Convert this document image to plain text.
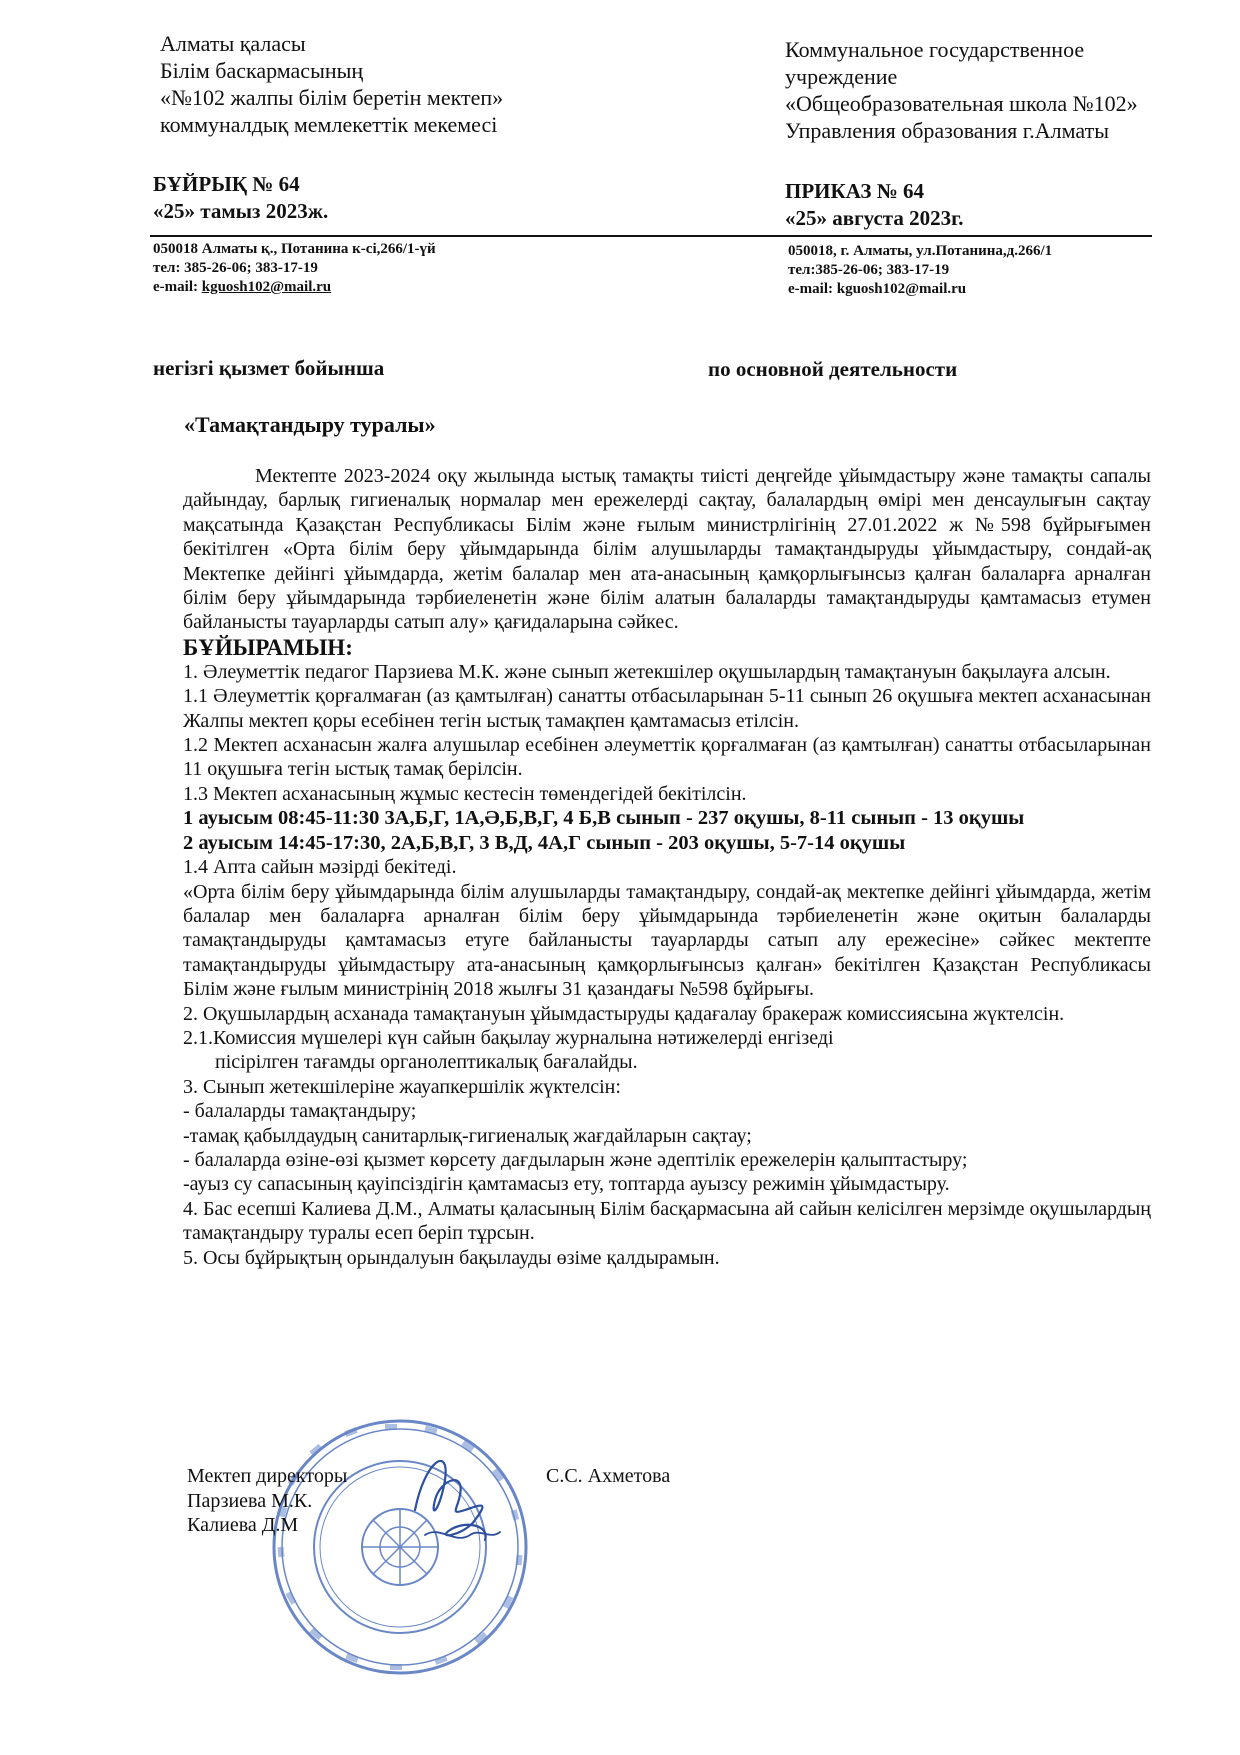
Алматы қаласы

Білім баскармасының

«№102 жалпы білім беретін мектеп»

коммуналдық мемлекеттік мекемесі

БҰЙРЫҚ № 64

«25» тамыз 2023ж.

050018 Алматы қ., Потанина к-сі,266/1-үй

тел: 385-26-06; 383-17-19

e-mail: kguosh102@mail.ru

Коммунальное государственное

учреждение

«Общеобразовательная школа №102»

Управления образования г.Алматы

ПРИКАЗ № 64

«25» августа 2023г.

050018, г. Алматы, ул.Потанина,д.266/1

тел:385-26-06; 383-17-19

e-mail: kguosh102@mail.ru

негізгі қызмет бойынша	по основной деятельности
«Тамақтандыру туралы»

Мектепте 2023-2024 оқу жылында ыстық тамақты тиісті деңгейде ұйымдастыру және тамақты сапалы дайындау, барлық гигиеналық нормалар мен ережелерді сақтау, балалардың өмірі мен денсаулығын сақтау мақсатында Қазақстан Республикасы Білім және ғылым министрлігінің 27.01.2022 ж №598 бұйрығымен бекітілген «Орта білім беру ұйымдарында білім алушыларды тамақтандыруды ұйымдастыру, сондай-ақ Мектепке дейінгі ұйымдарда, жетім балалар мен ата-анасының қамқорлығынсыз қалған балаларға арналған білім беру ұйымдарында тәрбиеленетін және білім алатын балаларды тамақтандыруды қамтамасыз етумен байланысты тауарларды сатып алу» қағидаларына сәйкес.

БҰЙЫРАМЫН:

1. Әлеуметтік педагог Парзиева М.К. және сынып жетекшілер оқушылардың тамақтануын бақылауға алсын.

1.1 Әлеуметтік қорғалмаған (аз қамтылған) санатты отбасыларынан 5-11 сынып 26 оқушыға мектеп асханасынан Жалпы мектеп қоры есебінен тегін ыстық тамақпен қамтамасыз етілсін.

1.2 Мектеп асханасын жалға алушылар есебінен әлеуметтік қорғалмаған (аз қамтылған) санатты отбасыларынан 11 оқушыға тегін ыстық тамақ берілсін.

1.3 Мектеп асханасының жұмыс кестесін төмендегідей бекітілсін.

1 ауысым 08:45-11:30 3А,Б,Г, 1А,Ә,Б,В,Г, 4 Б,В сынып - 237 оқушы, 8-11 сынып - 13 оқушы

2 ауысым 14:45-17:30, 2А,Б,В,Г, 3 В,Д, 4А,Г сынып - 203 оқушы, 5-7-14 оқушы

1.4 Апта сайын мәзірді бекітеді.

«Орта білім беру ұйымдарында білім алушыларды тамақтандыру, сондай-ақ мектепке дейінгі ұйымдарда, жетім балалар мен балаларға арналған білім беру ұйымдарында тәрбиеленетін және оқитын балаларды тамақтандыруды қамтамасыз етуге байланысты тауарларды сатып алу ережесіне» сәйкес мектепте тамақтандыруды ұйымдастыру ата-анасының қамқорлығынсыз қалған» бекітілген Қазақстан Республикасы Білім және ғылым министрінің 2018 жылғы 31 қазандағы №598 бұйрығы.

2. Оқушылардың асханада тамақтануын ұйымдастыруды қадағалау бракераж комиссиясына жүктелсін.

2.1.Комиссия мүшелері күн сайын бақылау журналына нәтижелерді енгізеді

пісірілген тағамды органолептикалық бағалайды.

3. Сынып жетекшілеріне жауапкершілік жүктелсін:

- балаларды тамақтандыру;

-тамақ қабылдаудың санитарлық-гигиеналық жағдайларын сақтау;

- балаларда өзіне-өзі қызмет көрсету дағдыларын және әдептілік ережелерін қалыптастыру;

-ауыз су сапасының қауіпсіздігін қамтамасыз ету, топтарда ауызсу режимін ұйымдастыру.

4. Бас есепші Калиева Д.М., Алматы қаласының Білім басқармасына ай сайын келісілген мерзімде оқушылардың тамақтандыру туралы есеп беріп тұрсын.

5. Осы бұйрықтың орындалуын бақылауды өзіме қалдырамын.

Мектеп директоры

Парзиева М.К.

Калиева Д.М

С.С. Ахметова
